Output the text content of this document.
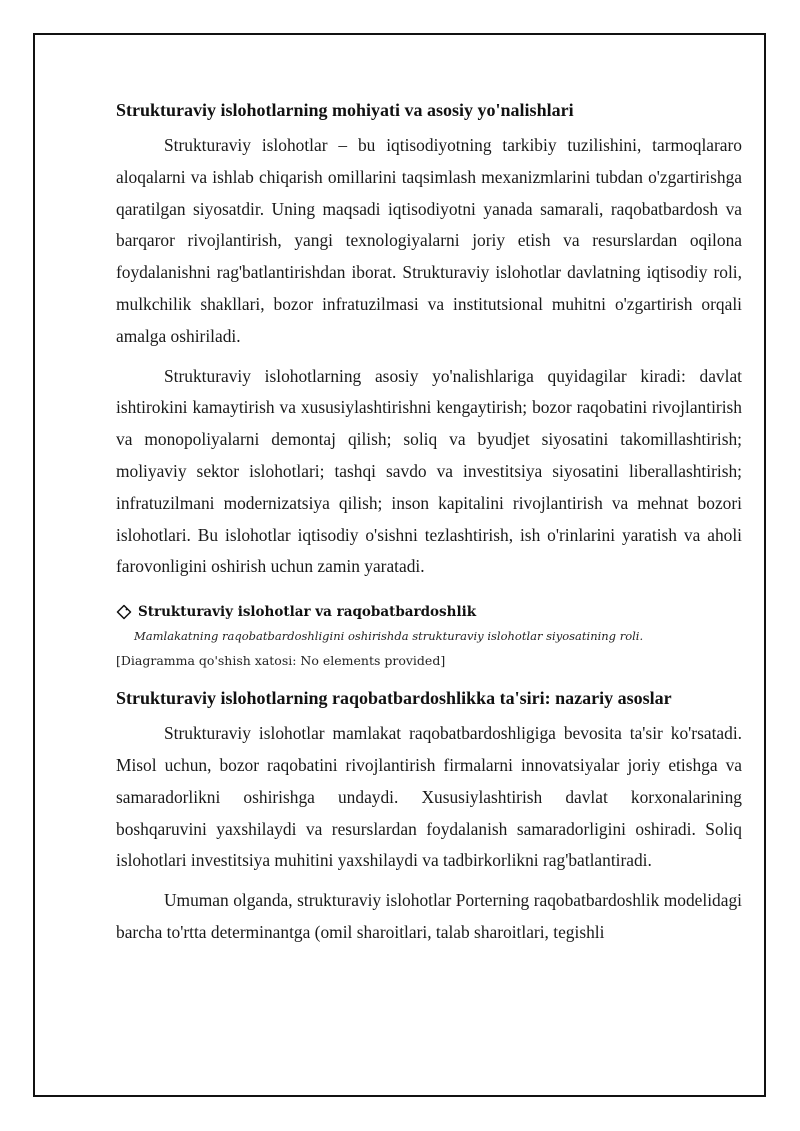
Strukturaviy islohotlarning mohiyati va asosiy yo'nalishlari

Strukturaviy islohotlar – bu iqtisodiyotning tarkibiy tuzilishini, tarmoqlararo aloqalarni va ishlab chiqarish omillarini taqsimlash mexanizmlarini tubdan o'zgartirishga qaratilgan siyosatdir. Uning maqsadi iqtisodiyotni yanada samarali, raqobatbardosh va barqaror rivojlantirish, yangi texnologiyalarni joriy etish va resurslardan oqilona foydalanishni rag'batlantirishdan iborat. Strukturaviy islohotlar davlatning iqtisodiy roli, mulkchilik shakllari, bozor infratuzilmasi va institutsional muhitni o'zgartirish orqali amalga oshiriladi.

Strukturaviy islohotlarning asosiy yo'nalishlariga quyidagilar kiradi: davlat ishtirokini kamaytirish va xususiylashtirishni kengaytirish; bozor raqobatini rivojlantirish va monopoliyalarni demontaj qilish; soliq va byudjet siyosatini takomillashtirish; moliyaviy sektor islohotlari; tashqi savdo va investitsiya siyosatini liberallashtirish; infratuzilmani modernizatsiya qilish; inson kapitalini rivojlantirish va mehnat bozori islohotlari. Bu islohotlar iqtisodiy o'sishni tezlashtirish, ish o'rinlarini yaratish va aholi farovonligini oshirish uchun zamin yaratadi.

Strukturaviy islohotlar va raqobatbardoshlik
Mamlakatning raqobatbardoshligini oshirishda strukturaviy islohotlar siyosatining roli.
[Diagramma qo'shish xatosi: No elements provided]
Strukturaviy islohotlarning raqobatbardoshlikka ta'siri: nazariy asoslar

Strukturaviy islohotlar mamlakat raqobatbardoshligiga bevosita ta'sir ko'rsatadi. Misol uchun, bozor raqobatini rivojlantirish firmalarni innovatsiyalar joriy etishga va samaradorlikni oshirishga undaydi. Xususiylashtirish davlat korxonalarining boshqaruvini yaxshilaydi va resurslardan foydalanish samaradorligini oshiradi. Soliq islohotlari investitsiya muhitini yaxshilaydi va tadbirkorlikni rag'batlantiradi.

Umuman olganda, strukturaviy islohotlar Porterning raqobatbardoshlik modelidagi barcha to'rtta determinantga (omil sharoitlari, talab sharoitlari, tegishli
